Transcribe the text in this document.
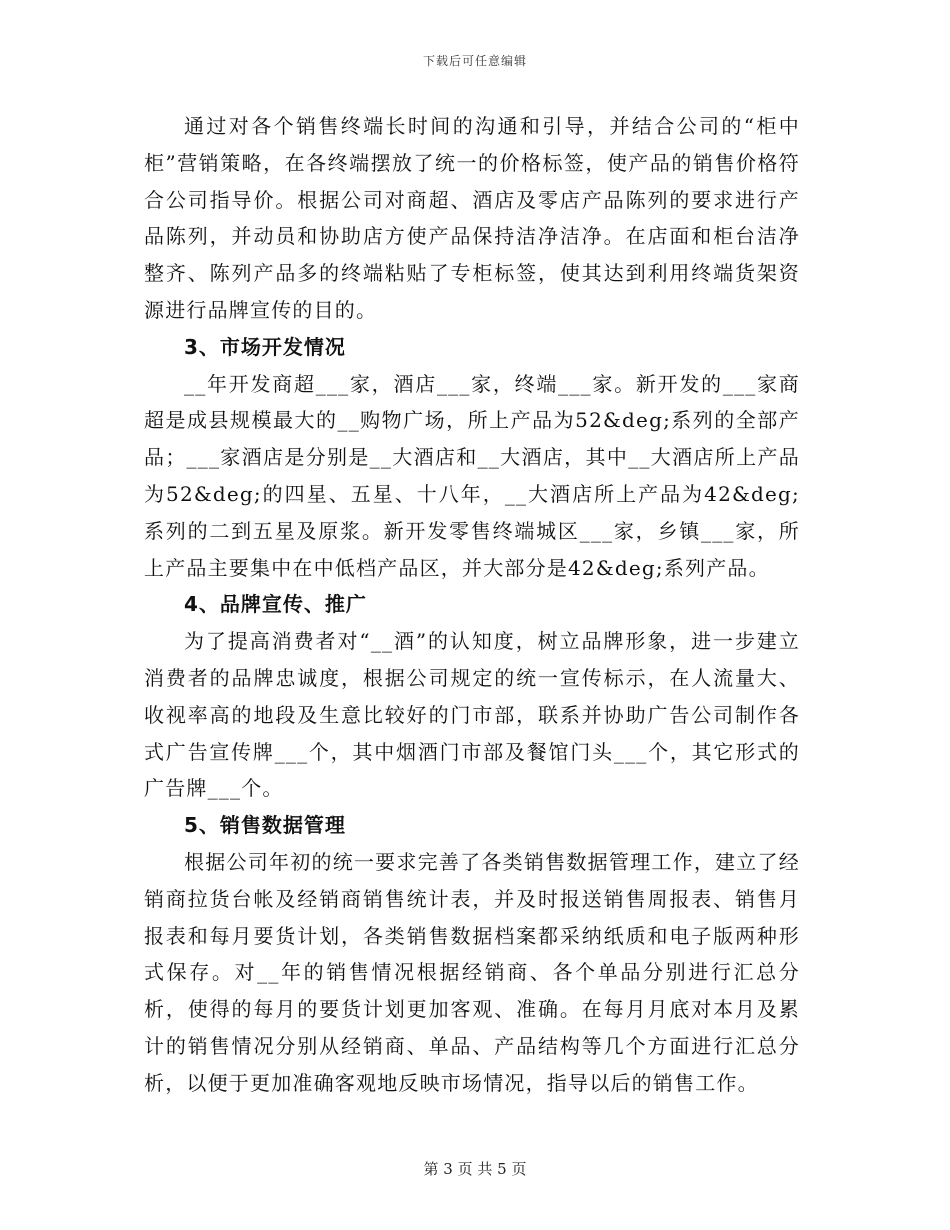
下载后可任意编辑

通过对各个销售终端长时间的沟通和引导，并结合公司的“柜中柜”营销策略，在各终端摆放了统一的价格标签，使产品的销售价格符合公司指导价。根据公司对商超、酒店及零店产品陈列的要求进行产品陈列，并动员和协助店方使产品保持洁净洁净。在店面和柜台洁净整齐、陈列产品多的终端粘贴了专柜标签，使其达到利用终端货架资源进行品牌宣传的目的。

3、市场开发情况

__年开发商超___家，酒店___家，终端___家。新开发的___家商超是成县规模最大的__购物广场，所上产品为52&deg;系列的全部产品；___家酒店是分别是__大酒店和__大酒店，其中__大酒店所上产品为52&deg;的四星、五星、十八年，__大酒店所上产品为42&deg;系列的二到五星及原浆。新开发零售终端城区___家，乡镇___家，所上产品主要集中在中低档产品区，并大部分是42&deg;系列产品。

4、品牌宣传、推广

为了提高消费者对“__酒”的认知度，树立品牌形象，进一步建立消费者的品牌忠诚度，根据公司规定的统一宣传标示，在人流量大、收视率高的地段及生意比较好的门市部，联系并协助广告公司制作各式广告宣传牌___个，其中烟酒门市部及餐馆门头___个，其它形式的广告牌___个。

5、销售数据管理

根据公司年初的统一要求完善了各类销售数据管理工作，建立了经销商拉货台帐及经销商销售统计表，并及时报送销售周报表、销售月报表和每月要货计划，各类销售数据档案都采纳纸质和电子版两种形式保存。对__年的销售情况根据经销商、各个单品分别进行汇总分析，使得的每月的要货计划更加客观、准确。在每月月底对本月及累计的销售情况分别从经销商、单品、产品结构等几个方面进行汇总分析，以便于更加准确客观地反映市场情况，指导以后的销售工作。

第 3 页 共 5 页
